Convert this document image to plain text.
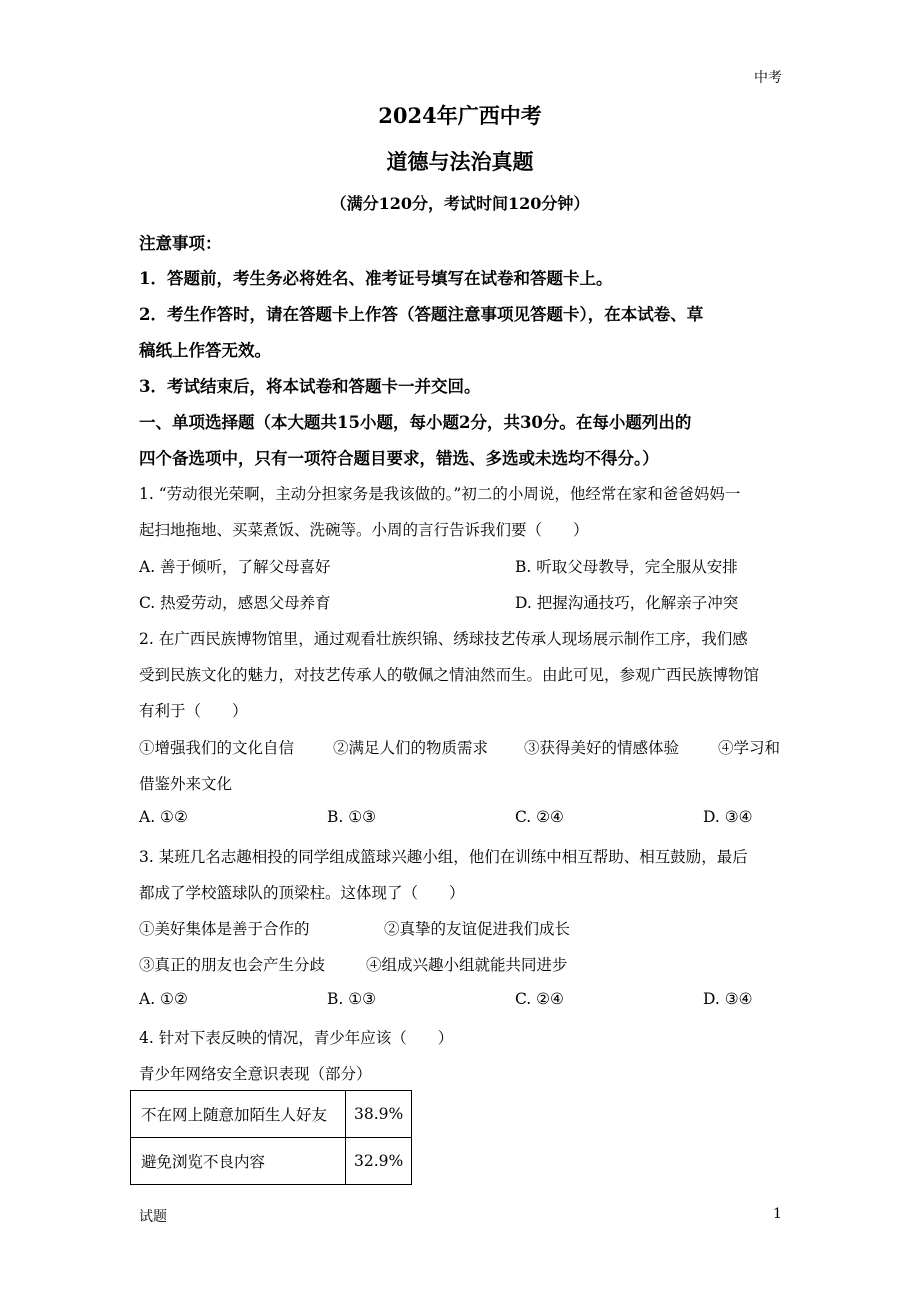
中考
2024年广西中考
道德与法治真题
（满分120分，考试时间120分钟）
注意事项：
1．答题前，考生务必将姓名、准考证号填写在试卷和答题卡上。
2．考生作答时，请在答题卡上作答（答题注意事项见答题卡），在本试卷、草
稿纸上作答无效。
3．考试结束后，将本试卷和答题卡一并交回。
一、单项选择题（本大题共15小题，每小题2分，共30分。在每小题列出的
四个备选项中，只有一项符合题目要求，错选、多选或未选均不得分。）
1. “劳动很光荣啊，主动分担家务是我该做的。”初二的小周说，他经常在家和爸爸妈妈一
起扫地拖地、买菜煮饭、洗碗等。小周的言行告诉我们要（　　）
A. 善于倾听，了解父母喜好	B. 听取父母教导，完全服从安排
C. 热爱劳动，感恩父母养育	D. 把握沟通技巧，化解亲子冲突
2. 在广西民族博物馆里，通过观看壮族织锦、绣球技艺传承人现场展示制作工序，我们感
受到民族文化的魅力，对技艺传承人的敬佩之情油然而生。由此可见，参观广西民族博物馆
有利于（　　）
①增强我们的文化自信	②满足人们的物质需求 ③获得美好的情感体验	④学习和
借鉴外来文化
A. ①②	B. ①③	C. ②④	D. ③④
3. 某班几名志趣相投的同学组成篮球兴趣小组，他们在训练中相互帮助、相互鼓励，最后
都成了学校篮球队的顶梁柱。这体现了（　　）
①美好集体是善于合作的	②真挚的友谊促进我们成长
③真正的朋友也会产生分歧	④组成兴趣小组就能共同进步
A. ①②	B. ①③	C. ②④	D. ③④
4. 针对下表反映的情况，青少年应该（　　）
青少年网络安全意识表现（部分）
不在网上随意加陌生人好友	38.9%
避免浏览不良内容	32.9%
试题	1
